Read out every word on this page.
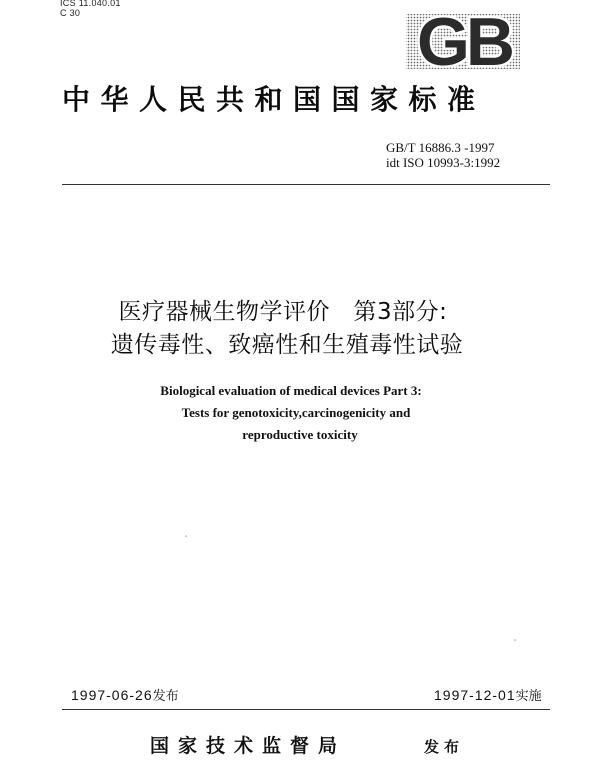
ICS 11.040.01
C 30	GB
中华人民共和国国家标准
GB/T 16886.3 -1997
idt ISO 10993-3:1992
医疗器械生物学评价　第3部分:
遗传毒性、致癌性和生殖毒性试验
Biological evaluation of medical devices Part 3:
Tests for genotoxicity,carcinogenicity and
reproductive toxicity
1997-06-26发布	1997-12-01实施
国家技术监督局	发布
